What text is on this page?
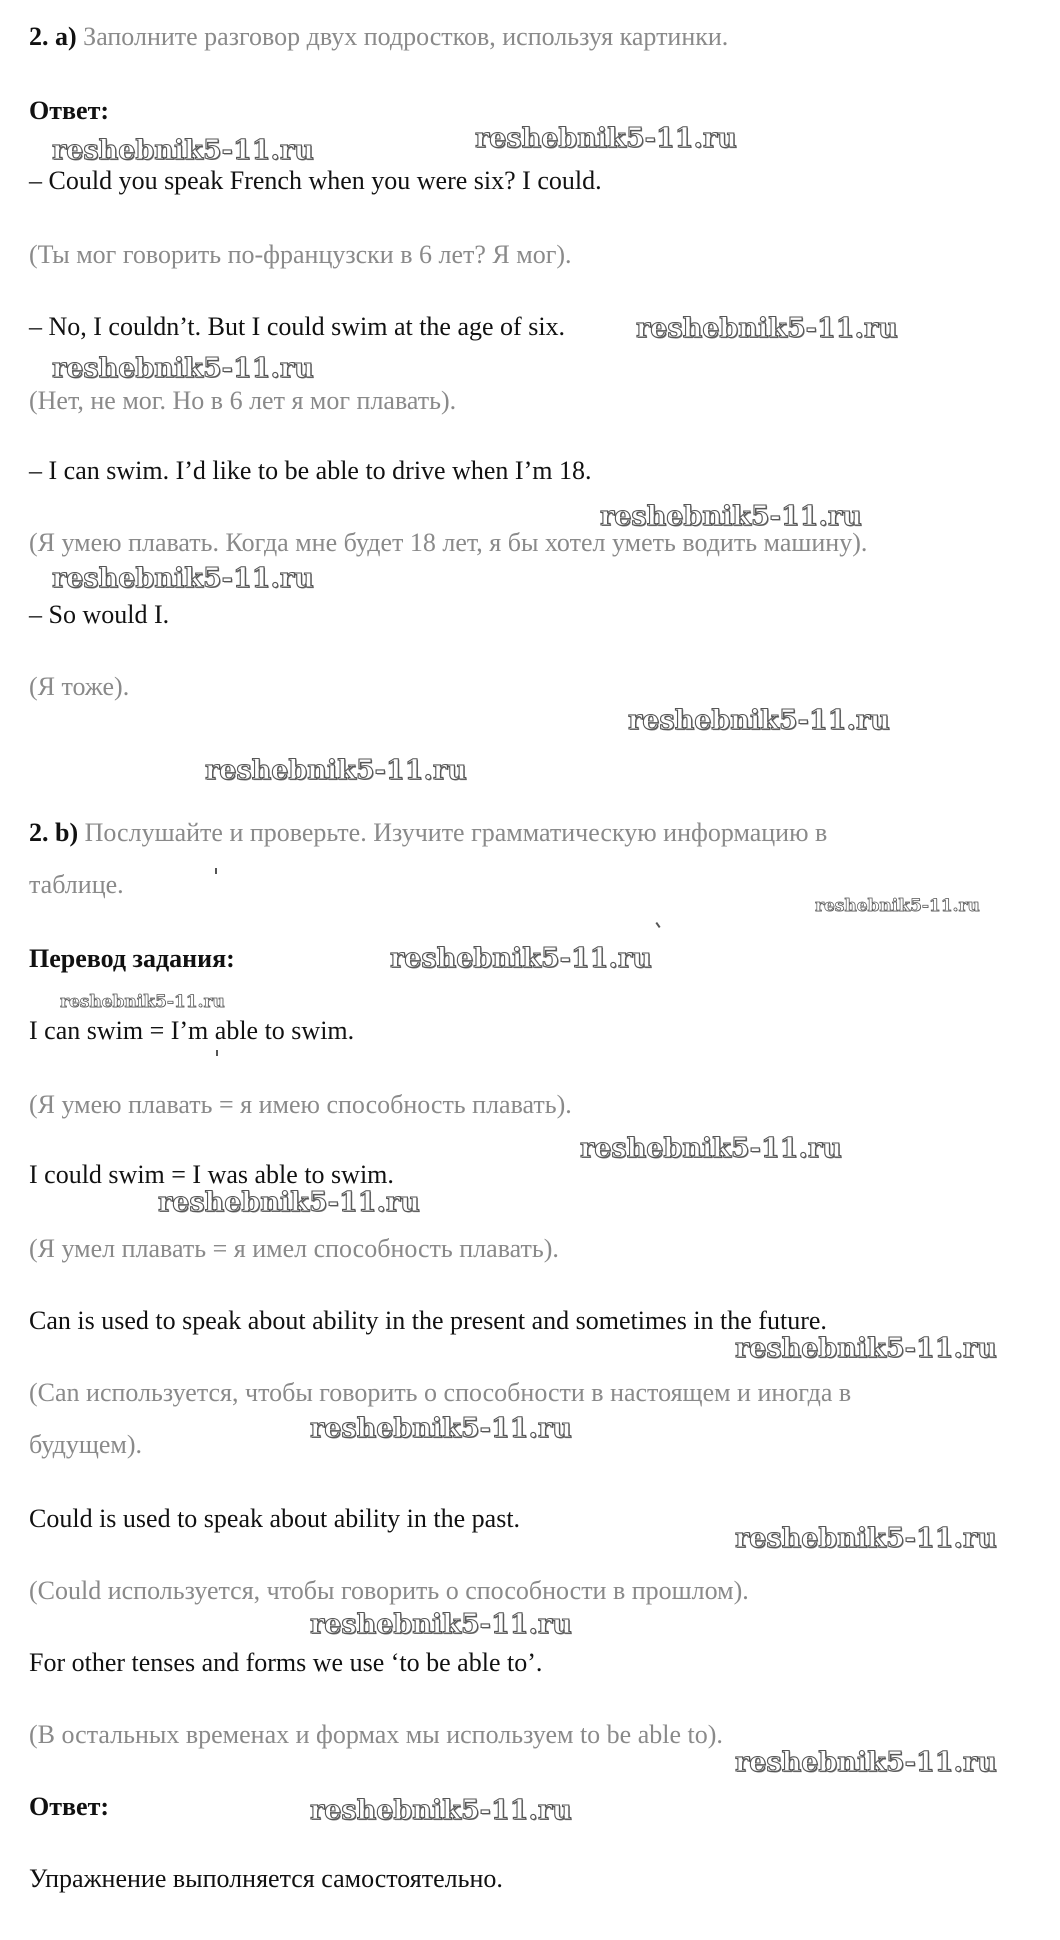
2. a) Заполните разговор двух подростков, используя картинки.
Ответ:
– Could you speak French when you were six? I could.
(Ты мог говорить по-французски в 6 лет? Я мог).
– No, I couldn’t. But I could swim at the age of six.
(Нет, не мог. Но в 6 лет я мог плавать).
– I can swim. I’d like to be able to drive when I’m 18.
(Я умею плавать. Когда мне будет 18 лет, я бы хотел уметь водить машину).
– So would I.
(Я тоже).
2. b) Послушайте и проверьте. Изучите грамматическую информацию в
таблице.
Перевод задания:
I can swim = I’m able to swim.
(Я умею плавать = я имею способность плавать).
I could swim = I was able to swim.
(Я умел плавать = я имел способность плавать).
Can is used to speak about ability in the present and sometimes in the future.
(Can используется, чтобы говорить о способности в настоящем и иногда в
будущем).
Could is used to speak about ability in the past.
(Could используется, чтобы говорить о способности в прошлом).
For other tenses and forms we use ‘to be able to’.
(В остальных временах и формах мы используем to be able to).
Ответ:
Упражнение выполняется самостоятельно.
reshebnik5-11.ru	reshebnik5-11.ru
reshebnik5-11.ru
reshebnik5-11.ru
reshebnik5-11.ru
reshebnik5-11.ru
reshebnik5-11.ru
reshebnik5-11.ru
reshebnik5-11.ru
reshebnik5-11.ru
reshebnik5-11.ru
reshebnik5-11.ru
reshebnik5-11.ru
reshebnik5-11.ru
reshebnik5-11.ru
reshebnik5-11.ru
reshebnik5-11.ru
reshebnik5-11.ru
reshebnik5-11.ru
